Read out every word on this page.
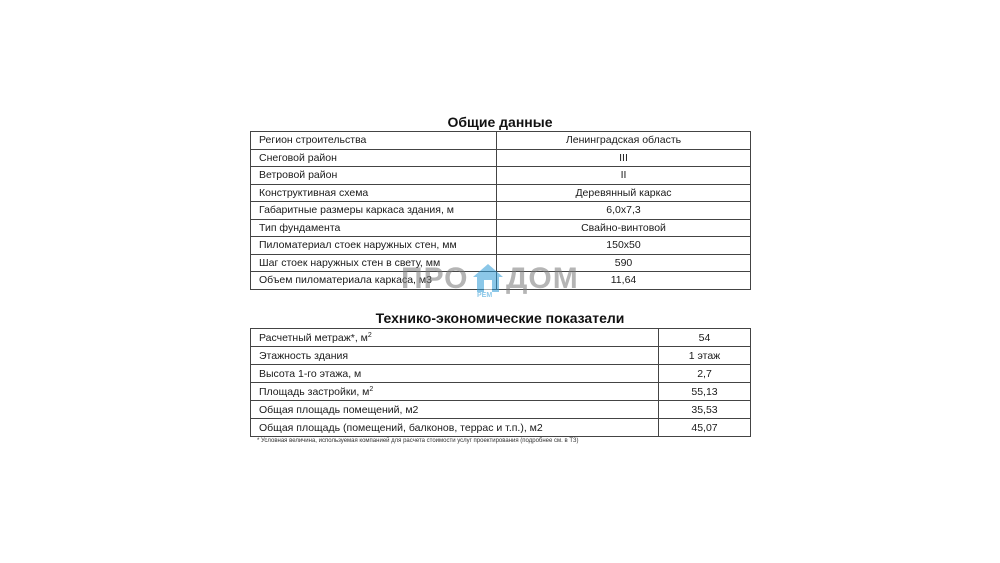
Общие данные
Регион строительства	Ленинградская область
Снеговой район	III
Ветровой район	II
Конструктивная схема	Деревянный каркас
Габаритные размеры каркаса здания, м	6,0х7,3
Тип фундамента	Свайно-винтовой
Пиломатериал стоек наружных стен, мм	150х50
Шаг стоек наружных стен в свету, мм	590
Объем пиломатериала каркаса, м3	11,64
Технико-экономические показатели
Расчетный метраж*, $м^2$	54
Этажность здания	1 этаж
Высота 1-го этажа, м	2,7
Площадь застройки, $м^2$	55,13
Общая площадь помещений, м2	35,53
Общая площадь (помещений, балконов, террас и т.п.), м2	45,07
* Условная величина, используемая компанией для расчета стоимости услуг проектирования (подробнее см. в ТЗ)
ПРО ДОМ
РЕМ
